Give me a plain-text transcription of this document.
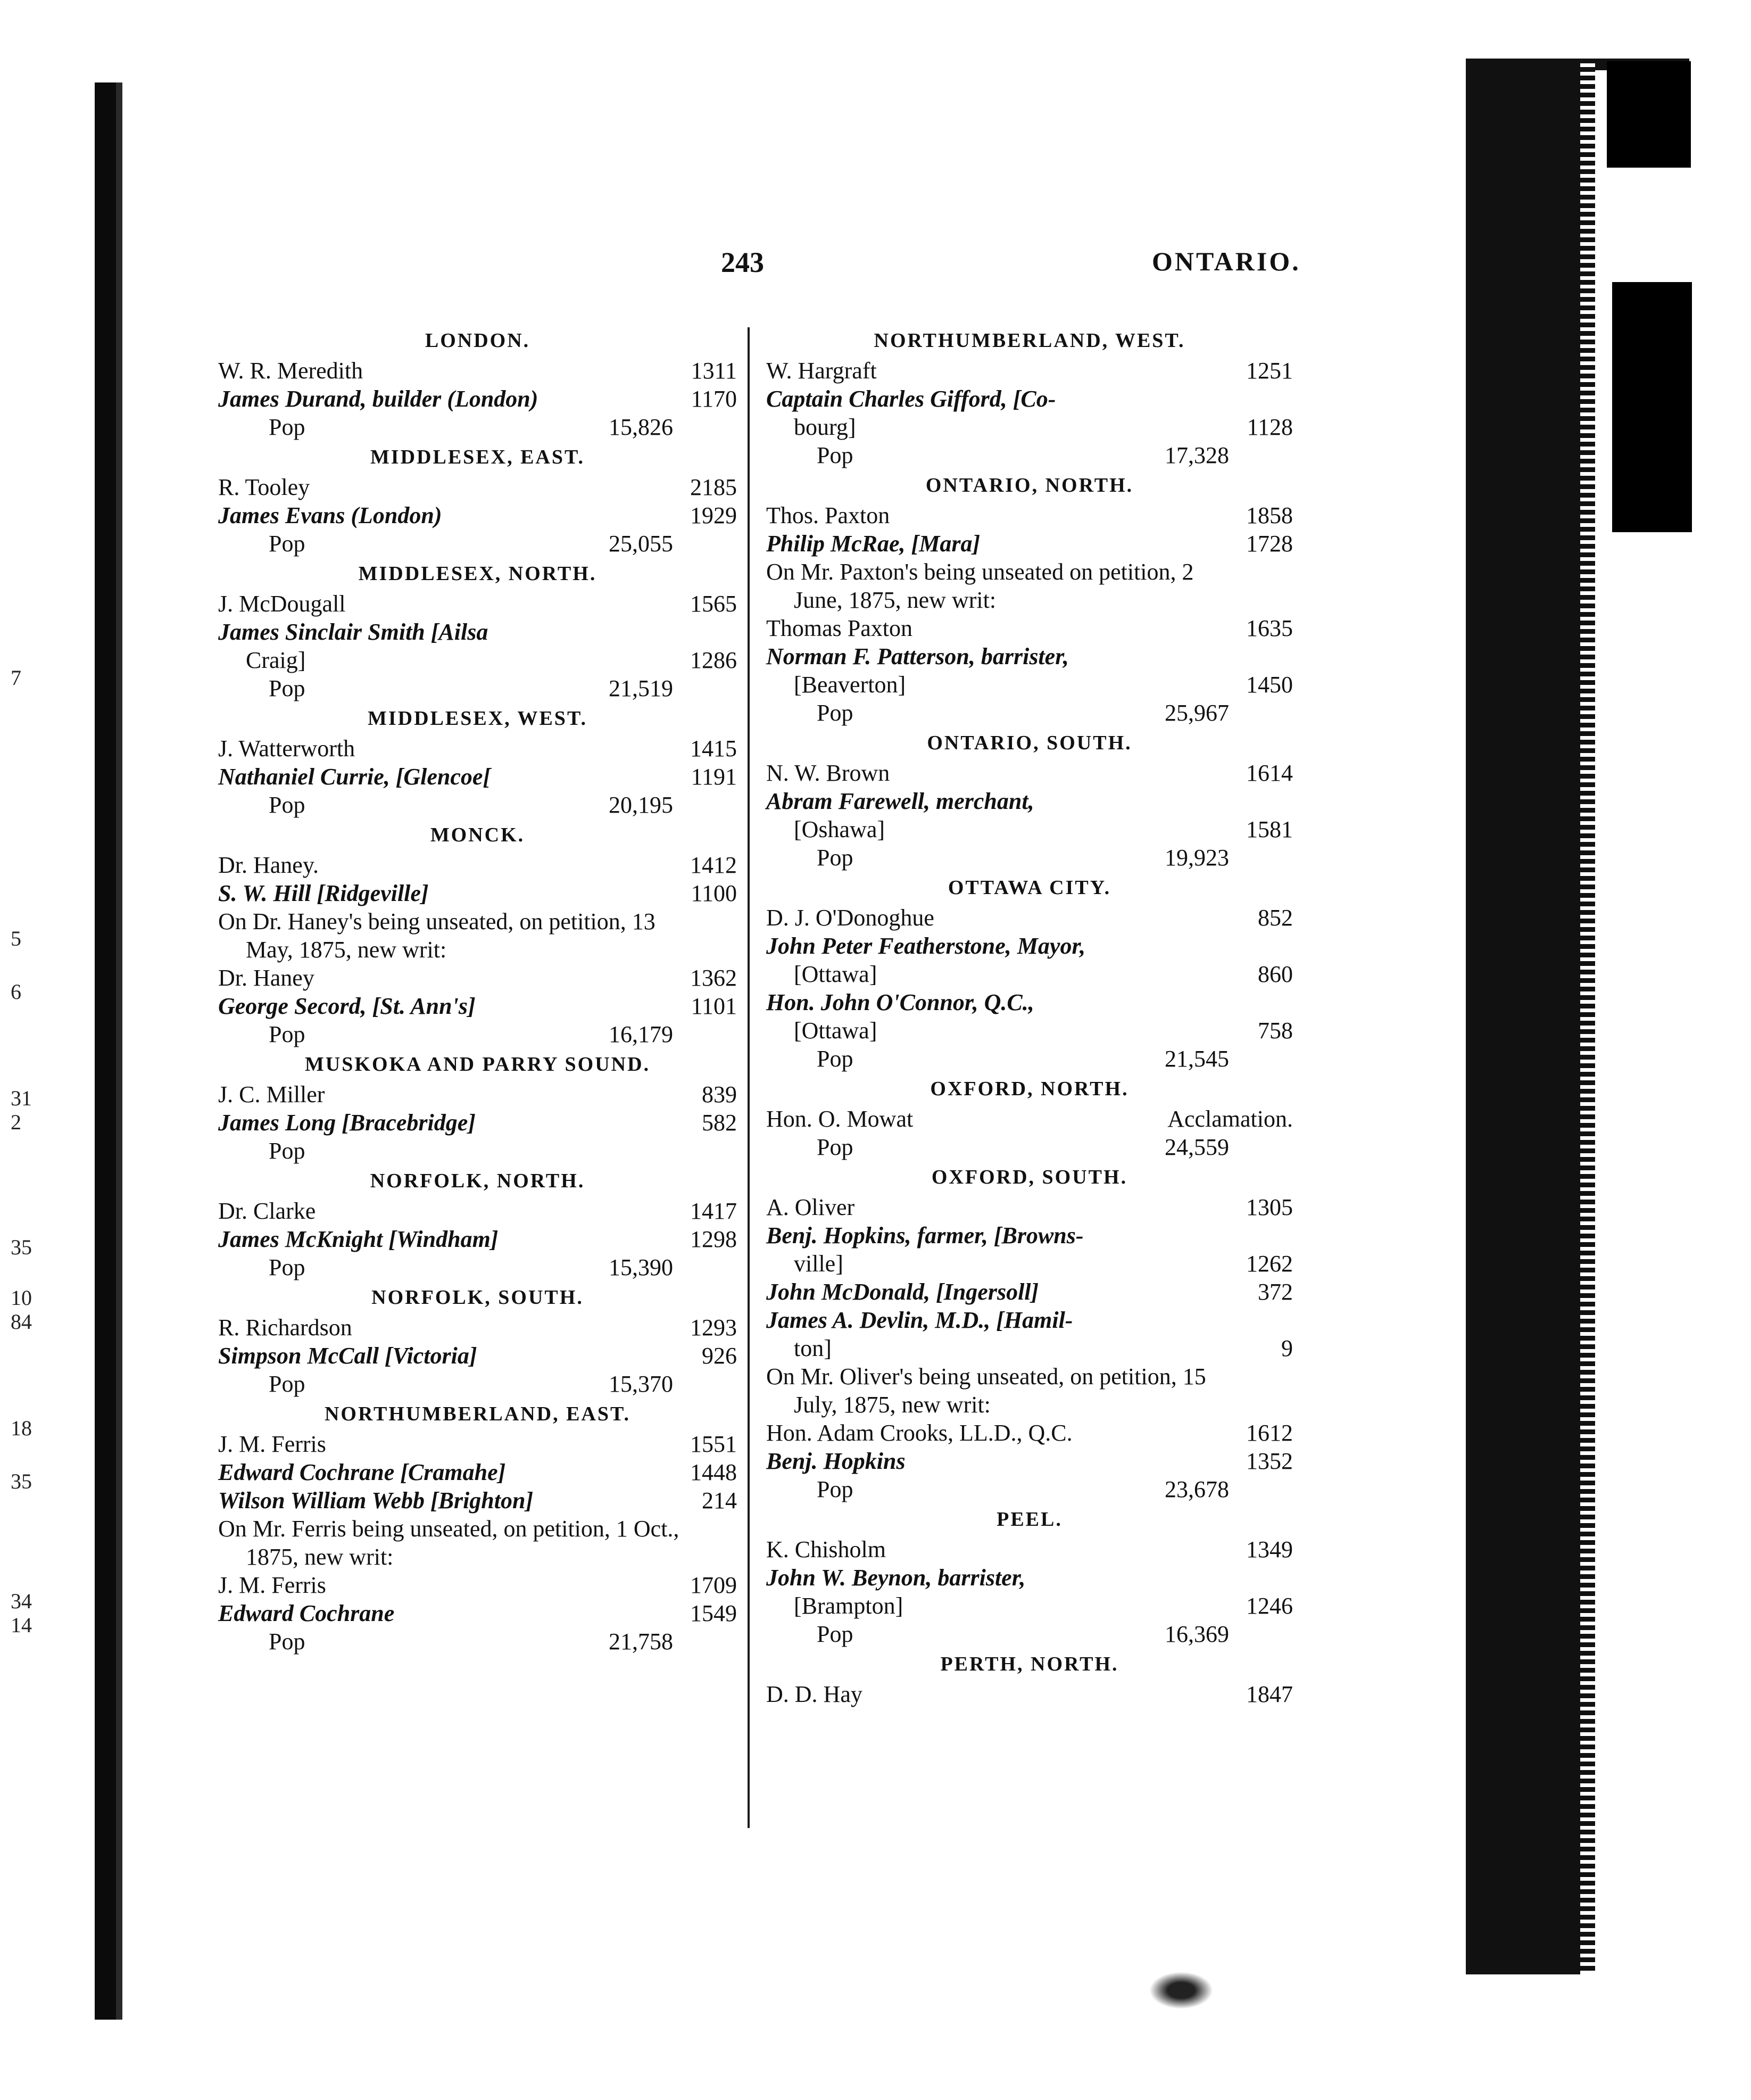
7
5
6
31
2
35
10
84
18
35
34
14
243	ONTARIO.
LONDON.
W. R. Meredith	1311
James Durand, builder (London)	1170
Pop	15,826
MIDDLESEX, EAST.
R. Tooley	2185
James Evans (London)	1929
Pop	25,055
MIDDLESEX, NORTH.
J. McDougall	1565
James Sinclair Smith [Ailsa
Craig]	1286
Pop	21,519
MIDDLESEX, WEST.
J. Watterworth	1415
Nathaniel Currie, [Glencoe[	1191
Pop	20,195
MONCK.
Dr. Haney.	1412
S. W. Hill [Ridgeville]	1100
On Dr. Haney's being unseated, on petition, 13 May, 1875, new writ:
Dr. Haney	1362
George Secord, [St. Ann's]	1101
Pop	16,179
MUSKOKA AND PARRY SOUND.
J. C. Miller	839
James Long [Bracebridge]	582
Pop
NORFOLK, NORTH.
Dr. Clarke	1417
James McKnight [Windham]	1298
Pop	15,390
NORFOLK, SOUTH.
R. Richardson	1293
Simpson McCall [Victoria]	926
Pop	15,370
NORTHUMBERLAND, EAST.
J. M. Ferris	1551
Edward Cochrane [Cramahe]	1448
Wilson William Webb [Brighton]	214
On Mr. Ferris being unseated, on petition, 1 Oct., 1875, new writ:
J. M. Ferris	1709
Edward Cochrane	1549
Pop	21,758
NORTHUMBERLAND, WEST.
W. Hargraft	1251
Captain Charles Gifford, [Co-
bourg]	1128
Pop	17,328
ONTARIO, NORTH.
Thos. Paxton	1858
Philip McRae, [Mara]	1728
On Mr. Paxton's being unseated on petition, 2 June, 1875, new writ:
Thomas Paxton	1635
Norman F. Patterson, barrister,
[Beaverton]	1450
Pop	25,967
ONTARIO, SOUTH.
N. W. Brown	1614
Abram Farewell, merchant,
[Oshawa]	1581
Pop	19,923
OTTAWA CITY.
D. J. O'Donoghue	852
John Peter Featherstone, Mayor,
[Ottawa]	860
Hon. John O'Connor, Q.C.,
[Ottawa]	758
Pop	21,545
OXFORD, NORTH.
Hon. O. Mowat	Acclamation.
Pop	24,559
OXFORD, SOUTH.
A. Oliver	1305
Benj. Hopkins, farmer, [Browns-
ville]	1262
John McDonald, [Ingersoll]	372
James A. Devlin, M.D., [Hamil-
ton]	9
On Mr. Oliver's being unseated, on petition, 15 July, 1875, new writ:
Hon. Adam Crooks, LL.D., Q.C.	1612
Benj. Hopkins	1352
Pop	23,678
PEEL.
K. Chisholm	1349
John W. Beynon, barrister,
[Brampton]	1246
Pop	16,369
PERTH, NORTH.
D. D. Hay	1847
